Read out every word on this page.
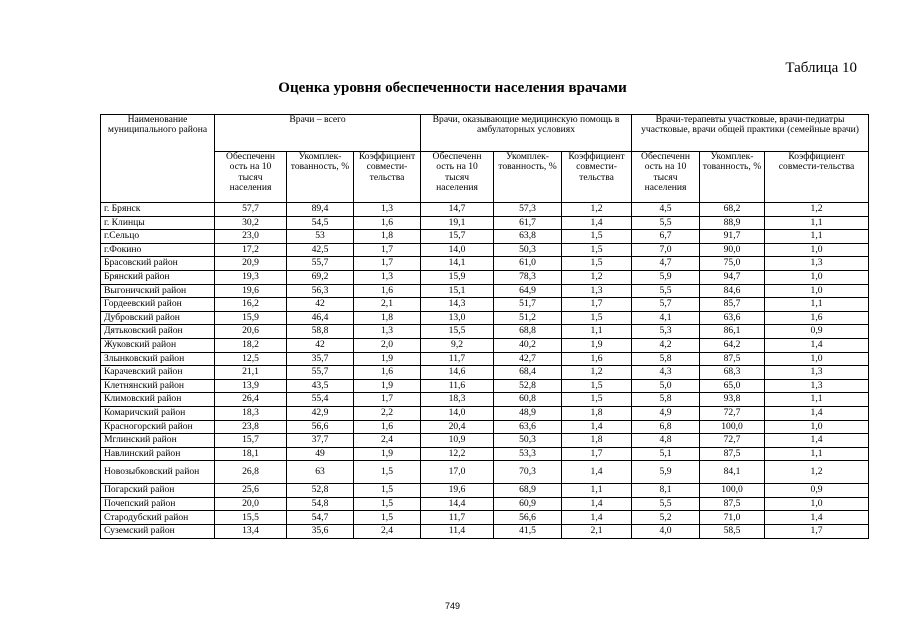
Таблица 10
Оценка уровня обеспеченности населения врачами
Наименование муниципального района	Врачи – всего			Врачи, оказывающие медицинскую помощь в амбулаторных условиях			Врачи-терапевты участковые, врачи-педиатры участковые, врачи общей практики (семейные врачи)		
	Обеспеченн ость на 10 тысяч населения	Укомплек-тованность, %	Коэффициент совмести-тельства	Обеспеченн ость на 10 тысяч населения	Укомплек-тованность, %	Коэффициент совмести-тельства	Обеспеченн ость на 10 тысяч населения	Укомплек-тованность, %	Коэффициент совмести-тельства
г. Брянск	57,7	89,4	1,3	14,7	57,3	1,2	4,5	68,2	1,2
г. Клинцы	30,2	54,5	1,6	19,1	61,7	1,4	5,5	88,9	1,1
г.Сельцо	23,0	53	1,8	15,7	63,8	1,5	6,7	91,7	1,1
г.Фокино	17,2	42,5	1,7	14,0	50,3	1,5	7,0	90,0	1,0
Брасовский район	20,9	55,7	1,7	14,1	61,0	1,5	4,7	75,0	1,3
Брянский район	19,3	69,2	1,3	15,9	78,3	1,2	5,9	94,7	1,0
Выгоничский район	19,6	56,3	1,6	15,1	64,9	1,3	5,5	84,6	1,0
Гордеевский район	16,2	42	2,1	14,3	51,7	1,7	5,7	85,7	1,1
Дубровский район	15,9	46,4	1,8	13,0	51,2	1,5	4,1	63,6	1,6
Дятьковский район	20,6	58,8	1,3	15,5	68,8	1,1	5,3	86,1	0,9
Жуковский район	18,2	42	2,0	9,2	40,2	1,9	4,2	64,2	1,4
Злынковский район	12,5	35,7	1,9	11,7	42,7	1,6	5,8	87,5	1,0
Карачевский район	21,1	55,7	1,6	14,6	68,4	1,2	4,3	68,3	1,3
Клетнянский район	13,9	43,5	1,9	11,6	52,8	1,5	5,0	65,0	1,3
Климовский район	26,4	55,4	1,7	18,3	60,8	1,5	5,8	93,8	1,1
Комаричский район	18,3	42,9	2,2	14,0	48,9	1,8	4,9	72,7	1,4
Красногорский район	23,8	56,6	1,6	20,4	63,6	1,4	6,8	100,0	1,0
Мглинский район	15,7	37,7	2,4	10,9	50,3	1,8	4,8	72,7	1,4
Навлинский район	18,1	49	1,9	12,2	53,3	1,7	5,1	87,5	1,1
Новозыбковский район	26,8	63	1,5	17,0	70,3	1,4	5,9	84,1	1,2
Погарский район	25,6	52,8	1,5	19,6	68,9	1,1	8,1	100,0	0,9
Почепский район	20,0	54,8	1,5	14,4	60,9	1,4	5,5	87,5	1,0
Стародубский район	15,5	54,7	1,5	11,7	56,6	1,4	5,2	71,0	1,4
Суземский район	13,4	35,6	2,4	11,4	41,5	2,1	4,0	58,5	1,7
749
